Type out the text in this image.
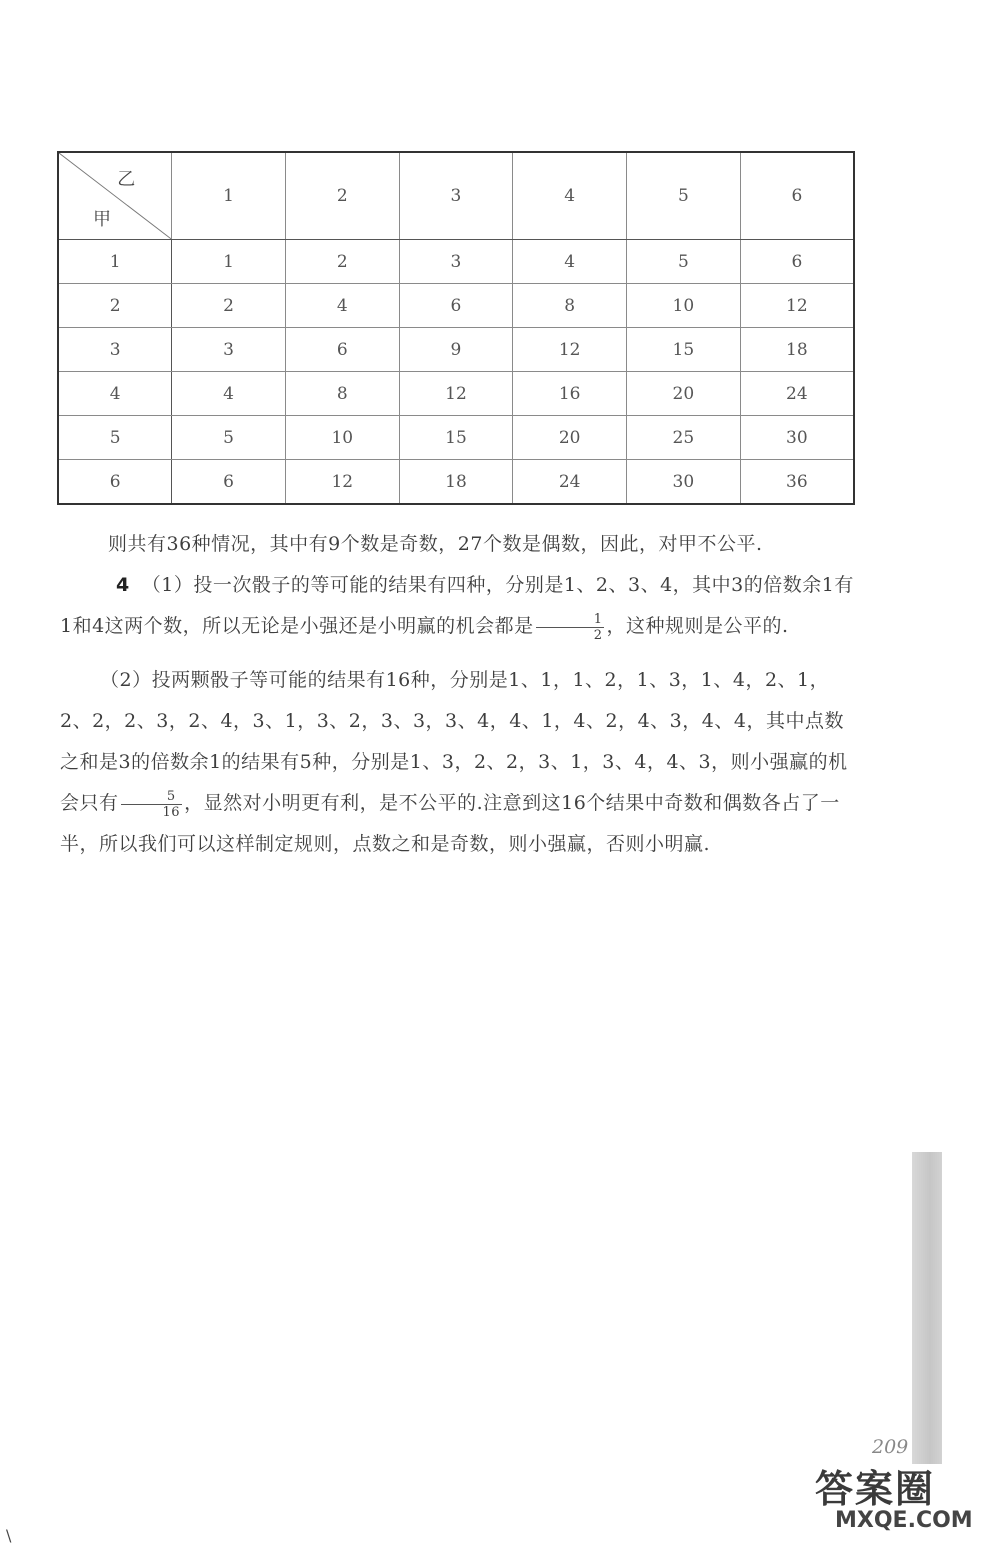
乙
甲	1	2	3	4	5	6
1	1	2	3	4	5	6
2	2	4	6	8	10	12
3	3	6	9	12	15	18
4	4	8	12	16	20	24
5	5	10	15	20	25	30
6	6	12	18	24	30	36

则共有36种情况，其中有9个数是奇数，27个数是偶数，因此，对甲不公平.

4 （1）投一次骰子的等可能的结果有四种，分别是1、2、3、4，其中3的倍数余1有1和4这两个数，所以无论是小强还是小明赢的机会都是 $\frac{1}{2}$ ，这种规则是公平的.

（2）投两颗骰子等可能的结果有16种，分别是1、1，1、2，1、3，1、4，2、1，2、2，2、3，2、4，3、1，3、2，3、3，3、4，4、1，4、2，4、3，4、4，其中点数之和是3的倍数余1的结果有5种，分别是1、3，2、2，3、1，3、4，4、3，则小强赢的机会只有 $\frac{5}{16}$ ，显然对小明更有利，是不公平的.注意到这16个结果中奇数和偶数各占了一半，所以我们可以这样制定规则，点数之和是奇数，则小强赢，否则小明赢.

209
\
答案圈
MXQE.COM
